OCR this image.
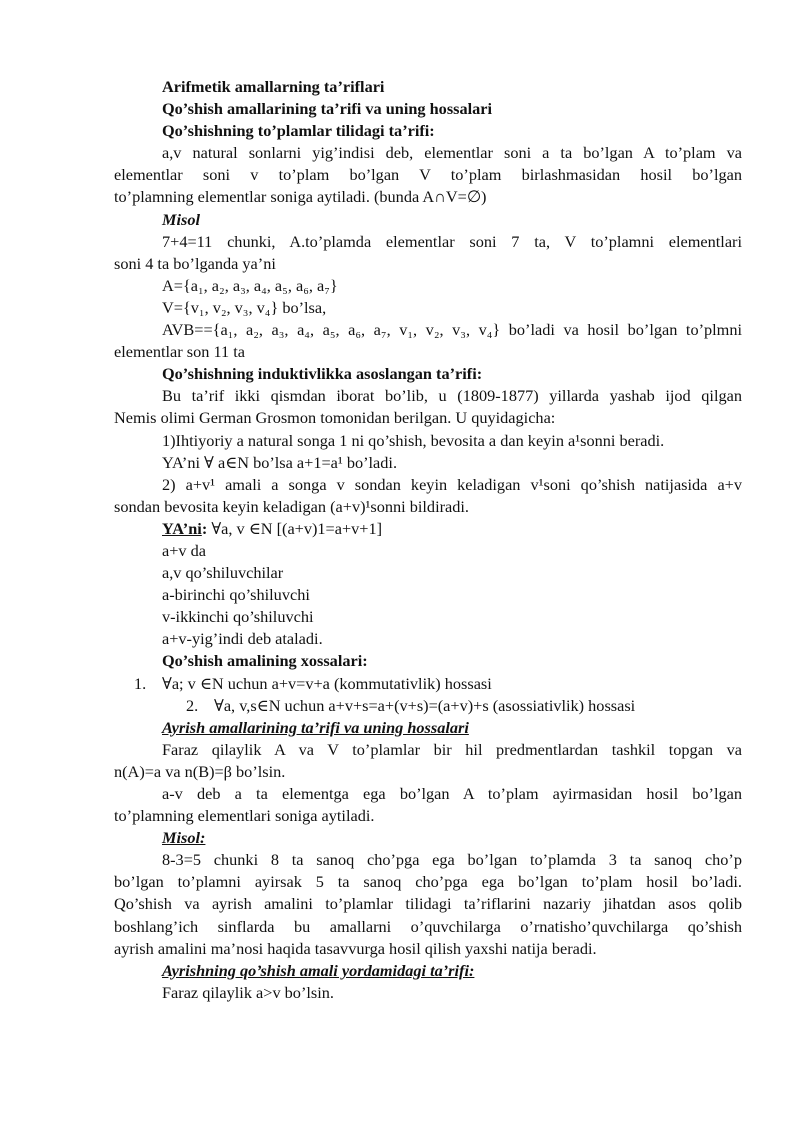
Arifmetik amallarning ta’riflari

Qo’shish amallarining ta’rifi va uning hossalari

Qo’shishning to’plamlar tilidagi ta’rifi:

a,v natural sonlarni yig’indisi deb, elementlar soni a ta bo’lgan A to’plam va

elementlar soni v to’plam bo’lgan V to’plam birlashmasidan hosil bo’lgan

to’plamning elementlar soniga aytiladi. (bunda A∩V=∅)

Misol

7+4=11 chunki, A.to’plamda elementlar soni 7 ta, V to’plamni elementlari

soni 4 ta bo’lganda ya’ni

A={a₁, a₂, a₃, a₄, a₅, a₆, a₇}

V={v₁, v₂, v₃, v₄} bo’lsa,

AVB=={a₁, a₂, a₃, a₄, a₅, a₆, a₇, v₁, v₂, v₃, v₄} bo’ladi va hosil bo’lgan to’plmni

elementlar son 11 ta

Qo’shishning induktivlikka asoslangan ta’rifi:

Bu ta’rif ikki qismdan iborat bo’lib, u (1809-1877) yillarda yashab ijod qilgan

Nemis olimi German Grosmon tomonidan berilgan. U quyidagicha:

1)Ihtiyoriy a natural songa 1 ni qo’shish, bevosita a dan keyin a¹sonni beradi.

YA’ni ∀ a∈N bo’lsa a+1=a¹ bo’ladi.

2) a+v¹ amali a songa v sondan keyin keladigan v¹soni qo’shish natijasida a+v

sondan bevosita keyin keladigan (a+v)¹sonni bildiradi.

YA’ni: ∀a, v ∈N [(a+v)1=a+v+1]

a+v da

a,v qo’shiluvchilar

a-birinchi qo’shiluvchi

v-ikkinchi qo’shiluvchi

a+v-yig’indi deb ataladi.

Qo’shish amalining xossalari:

1. ∀a; v ∈N uchun a+v=v+a (kommutativlik) hossasi

2. ∀a, v,s∈N uchun a+v+s=a+(v+s)=(a+v)+s (asossiativlik) hossasi

Ayrish amallarining ta’rifi va uning hossalari

Faraz qilaylik A va V to’plamlar bir hil predmentlardan tashkil topgan va

n(A)=a va n(B)=β bo’lsin.

a-v deb a ta elementga ega bo’lgan A to’plam ayirmasidan hosil bo’lgan

to’plamning elementlari soniga aytiladi.

Misol:

8-3=5 chunki 8 ta sanoq cho’pga ega bo’lgan to’plamda 3 ta sanoq cho’p

bo’lgan to’plamni ayirsak 5 ta sanoq cho’pga ega bo’lgan to’plam hosil bo’ladi.

Qo’shish va ayrish amalini to’plamlar tilidagi ta’riflarini nazariy jihatdan asos qolib

boshlang’ich sinflarda bu amallarni o’quvchilarga o’rnatisho’quvchilarga qo’shish

ayrish amalini ma’nosi haqida tasavvurga hosil qilish yaxshi natija beradi.

Ayrishning qo’shish amali yordamidagi ta’rifi:

Faraz qilaylik a>v bo’lsin.
